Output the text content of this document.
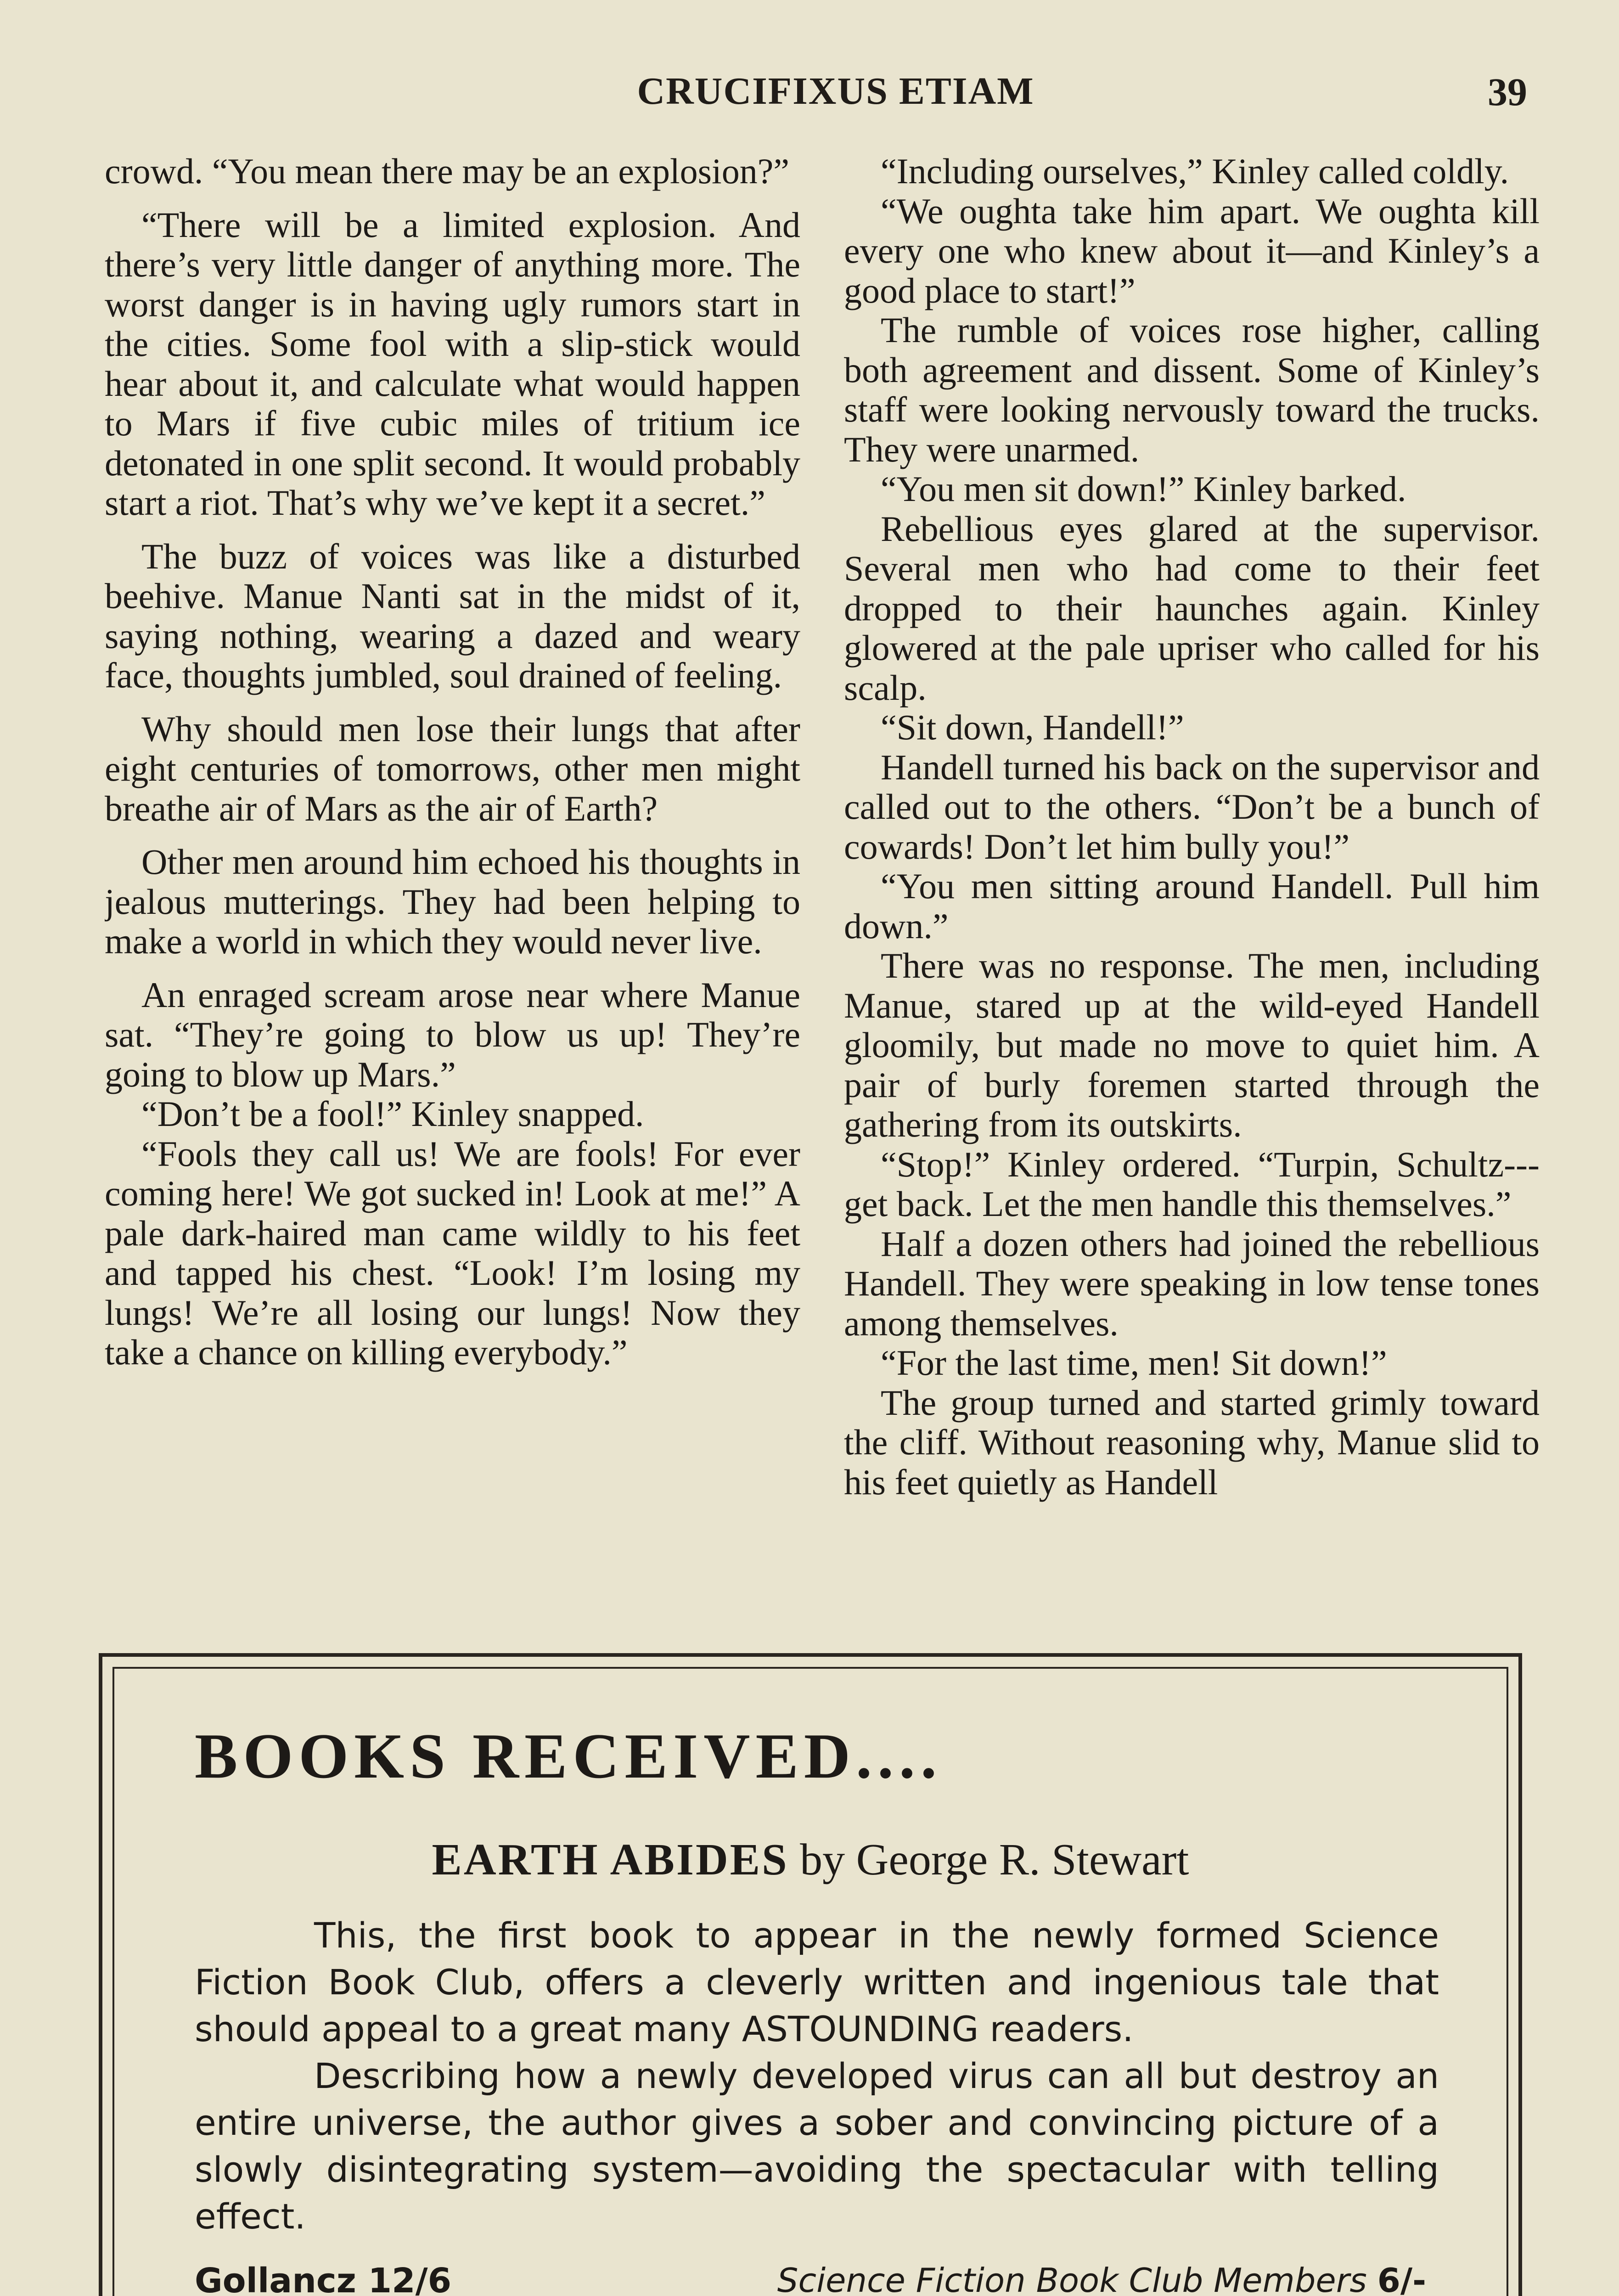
CRUCIFIXUS ETIAM	39

crowd. “You mean there may be an explosion?”

“There will be a limited explosion. And there’s very little danger of anything more. The worst danger is in having ugly rumors start in the cities. Some fool with a slip-stick would hear about it, and calculate what would happen to Mars if five cubic miles of tritium ice detonated in one split second. It would probably start a riot. That’s why we’ve kept it a secret.”

The buzz of voices was like a disturbed beehive. Manue Nanti sat in the midst of it, saying nothing, wearing a dazed and weary face, thoughts jumbled, soul drained of feeling.

Why should men lose their lungs that after eight centuries of tomorrows, other men might breathe air of Mars as the air of Earth?

Other men around him echoed his thoughts in jealous mutterings. They had been helping to make a world in which they would never live.

An enraged scream arose near where Manue sat. “They’re going to blow us up! They’re going to blow up Mars.”

“Don’t be a fool!” Kinley snapped.

“Fools they call us! We are fools! For ever coming here! We got sucked in! Look at me!” A pale dark-haired man came wildly to his feet and tapped his chest. “Look! I’m losing my lungs! We’re all losing our lungs! Now they take a chance on killing everybody.”

“Including ourselves,” Kinley called coldly.

“We oughta take him apart. We oughta kill every one who knew about it—and Kinley’s a good place to start!”

The rumble of voices rose higher, calling both agreement and dissent. Some of Kinley’s staff were looking nervously toward the trucks. They were unarmed.

“You men sit down!” Kinley barked.

Rebellious eyes glared at the supervisor. Several men who had come to their feet dropped to their haunches again. Kinley glowered at the pale upriser who called for his scalp.

“Sit down, Handell!”

Handell turned his back on the supervisor and called out to the others. “Don’t be a bunch of cowards! Don’t let him bully you!”

“You men sitting around Handell. Pull him down.”

There was no response. The men, including Manue, stared up at the wild-eyed Handell gloomily, but made no move to quiet him. A pair of burly foremen started through the gathering from its outskirts.

“Stop!” Kinley ordered. “Turpin, Schultz---get back. Let the men handle this themselves.”

Half a dozen others had joined the rebellious Handell. They were speaking in low tense tones among themselves.

“For the last time, men! Sit down!”

The group turned and started grimly toward the cliff. Without reasoning why, Manue slid to his feet quietly as Handell

BOOKS RECEIVED....
EARTH ABIDES by George R. Stewart

This, the first book to appear in the newly formed Science Fiction Book Club, offers a cleverly written and ingenious tale that should appeal to a great many ASTOUNDING readers.

Describing how a newly developed virus can all but destroy an entire universe, the author gives a sober and convincing picture of a slowly disintegrating system—avoiding the spectacular with telling effect.

Gollancz 12/6	Science Fiction Book Club Members 6/-
